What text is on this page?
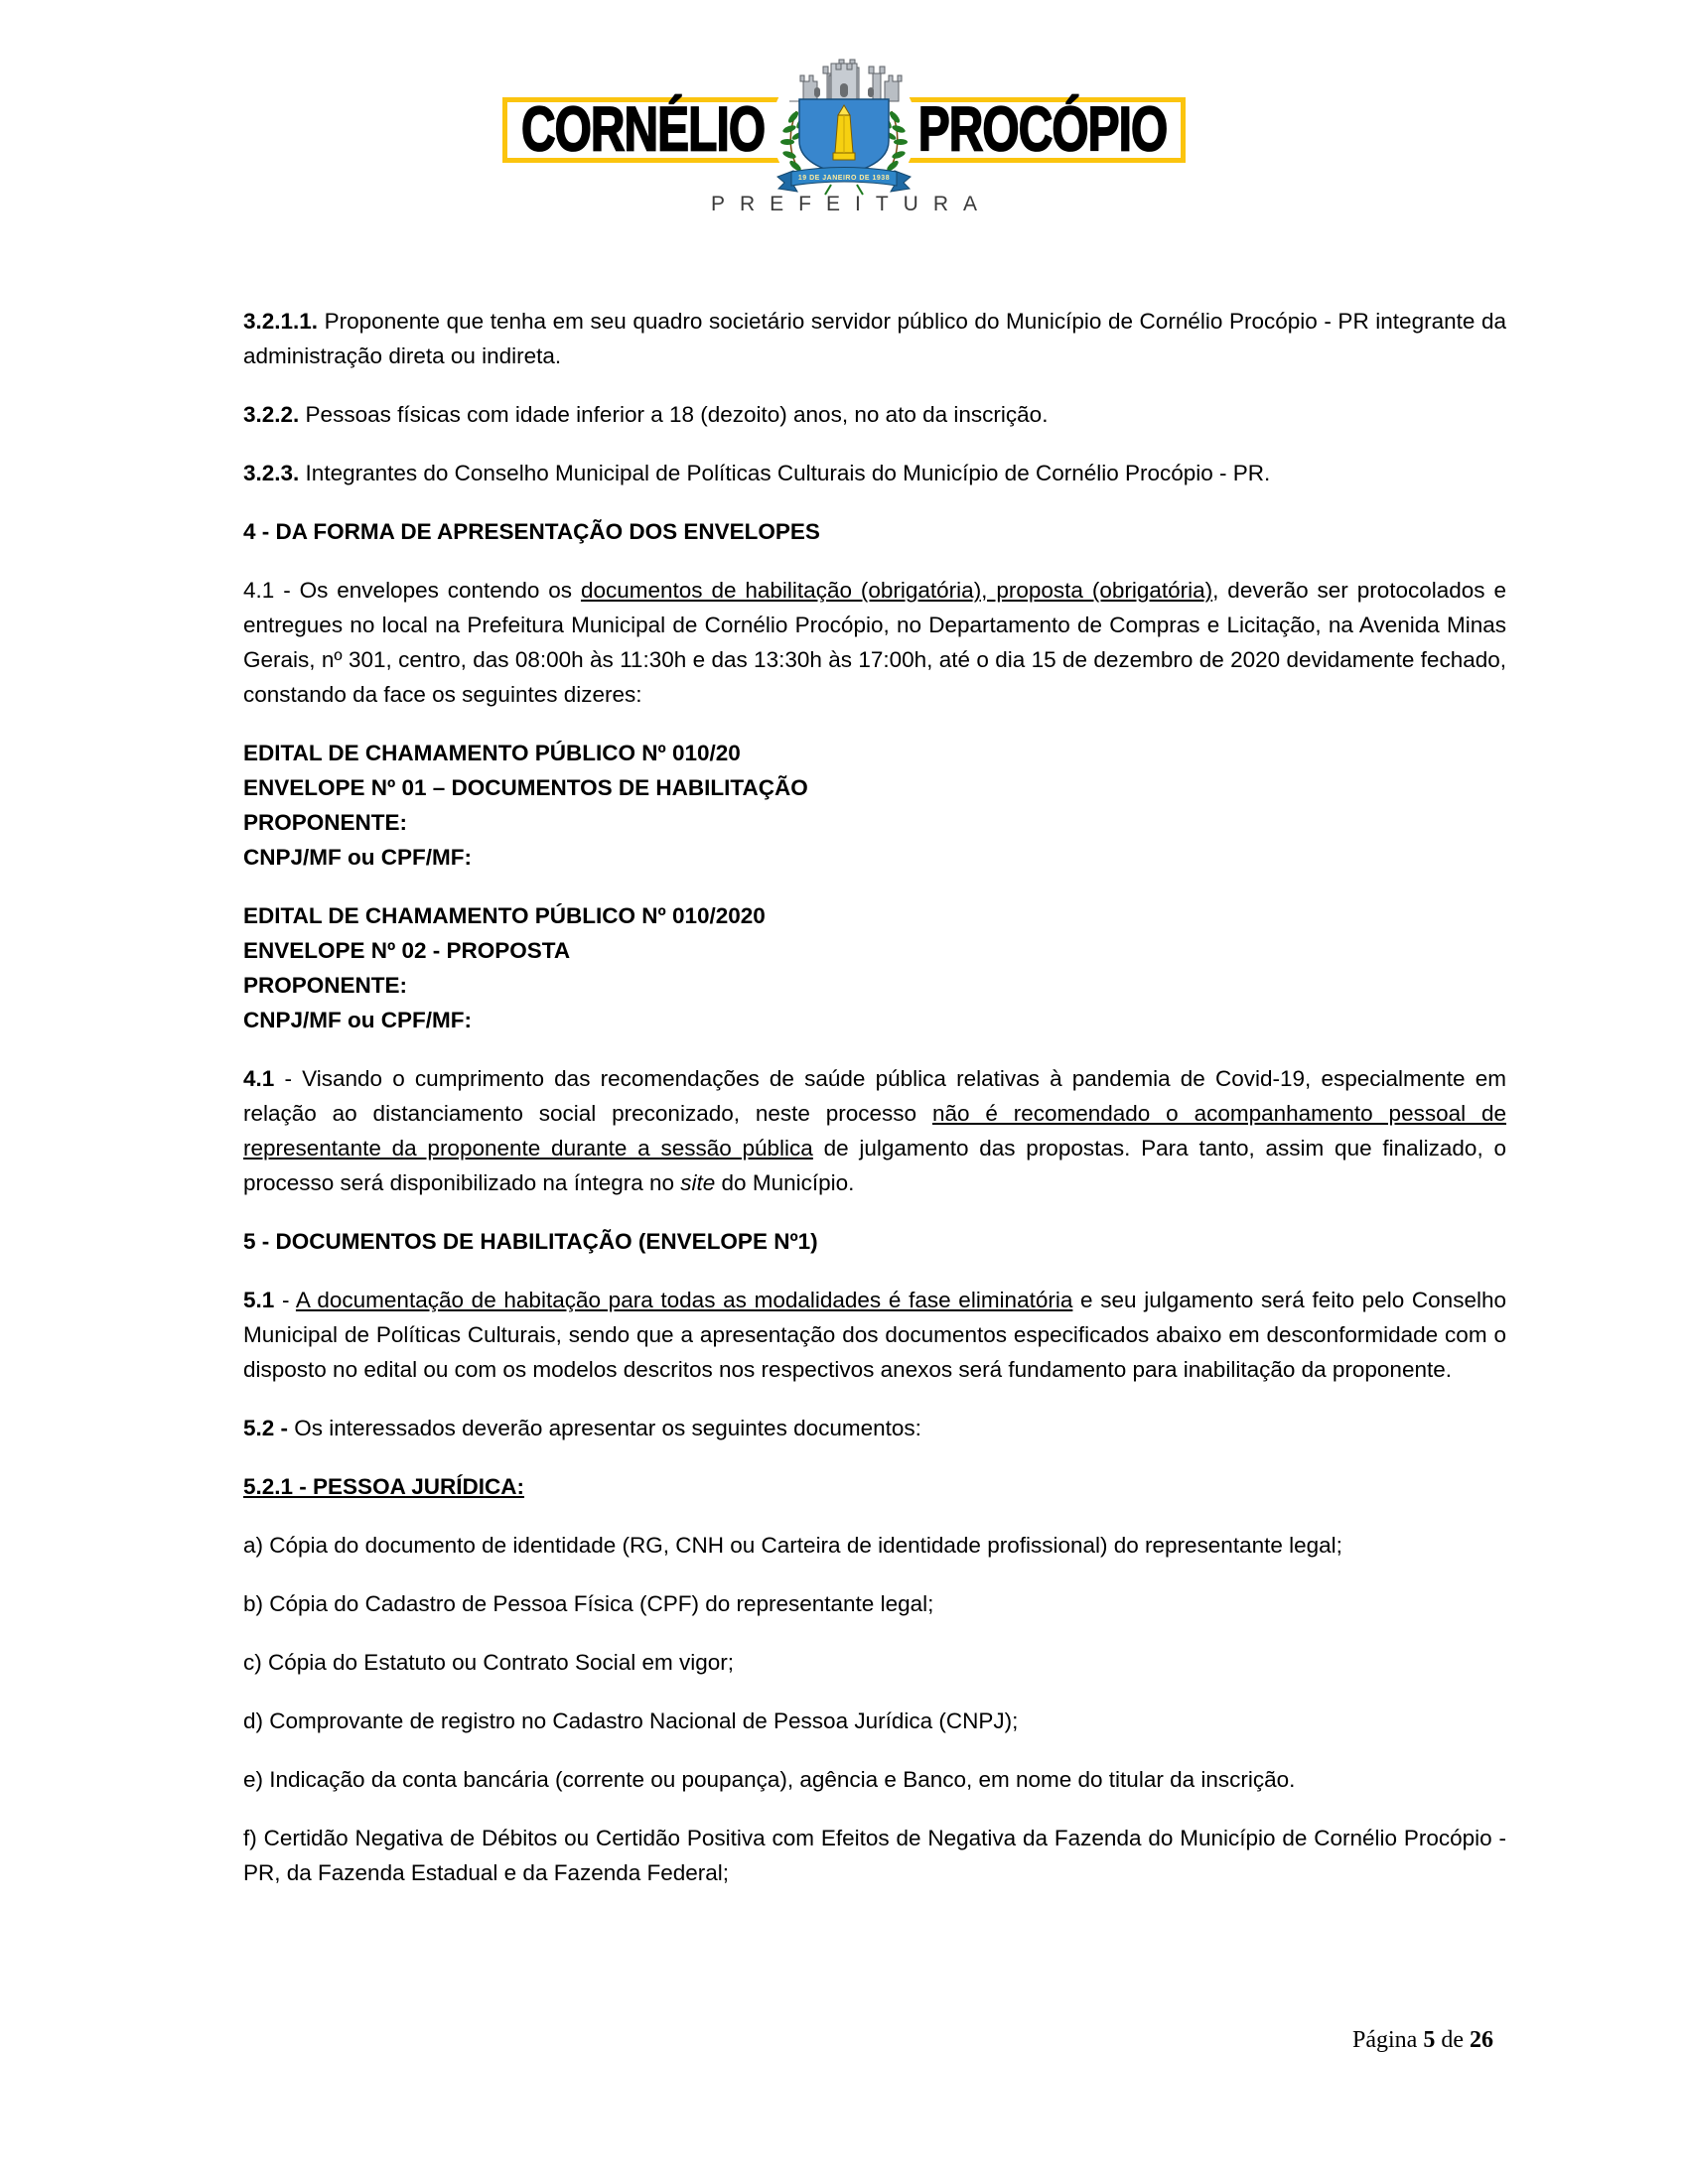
CORNÉLIO	PROCÓPIO
19 DE JANEIRO DE 1938
PREFEITURA

3.2.1.1. Proponente que tenha em seu quadro societário servidor público do Município de Cornélio Procópio - PR integrante da administração direta ou indireta.

3.2.2. Pessoas físicas com idade inferior a 18 (dezoito) anos, no ato da inscrição.

3.2.3. Integrantes do Conselho Municipal de Políticas Culturais do Município de Cornélio Procópio - PR.

4 - DA FORMA DE APRESENTAÇÃO DOS ENVELOPES

4.1 - Os envelopes contendo os documentos de habilitação (obrigatória), proposta (obrigatória), deverão ser protocolados e entregues no local na Prefeitura Municipal de Cornélio Procópio, no Departamento de Compras e Licitação, na Avenida Minas Gerais, nº 301, centro, das 08:00h às 11:30h e das 13:30h às 17:00h, até o dia 15 de dezembro de 2020 devidamente fechado, constando da face os seguintes dizeres:

EDITAL DE CHAMAMENTO PÚBLICO Nº 010/20
ENVELOPE Nº 01 – DOCUMENTOS DE HABILITAÇÃO
PROPONENTE:
CNPJ/MF ou CPF/MF:
EDITAL DE CHAMAMENTO PÚBLICO Nº 010/2020
ENVELOPE Nº 02 - PROPOSTA
PROPONENTE:
CNPJ/MF ou CPF/MF:

4.1 - Visando o cumprimento das recomendações de saúde pública relativas à pandemia de Covid-19, especialmente em relação ao distanciamento social preconizado, neste processo não é recomendado o acompanhamento pessoal de representante da proponente durante a sessão pública de julgamento das propostas. Para tanto, assim que finalizado, o processo será disponibilizado na íntegra no site do Município.

5 - DOCUMENTOS DE HABILITAÇÃO (ENVELOPE Nº1)

5.1 - A documentação de habitação para todas as modalidades é fase eliminatória e seu julgamento será feito pelo Conselho Municipal de Políticas Culturais, sendo que a apresentação dos documentos especificados abaixo em desconformidade com o disposto no edital ou com os modelos descritos nos respectivos anexos será fundamento para inabilitação da proponente.

5.2 - Os interessados deverão apresentar os seguintes documentos:

5.2.1 - PESSOA JURÍDICA:

a) Cópia do documento de identidade (RG, CNH ou Carteira de identidade profissional) do representante legal;

b) Cópia do Cadastro de Pessoa Física (CPF) do representante legal;

c) Cópia do Estatuto ou Contrato Social em vigor;

d) Comprovante de registro no Cadastro Nacional de Pessoa Jurídica (CNPJ);

e) Indicação da conta bancária (corrente ou poupança), agência e Banco, em nome do titular da inscrição.

f) Certidão Negativa de Débitos ou Certidão Positiva com Efeitos de Negativa da Fazenda do Município de Cornélio Procópio - PR, da Fazenda Estadual e da Fazenda Federal;

Página 5 de 26
